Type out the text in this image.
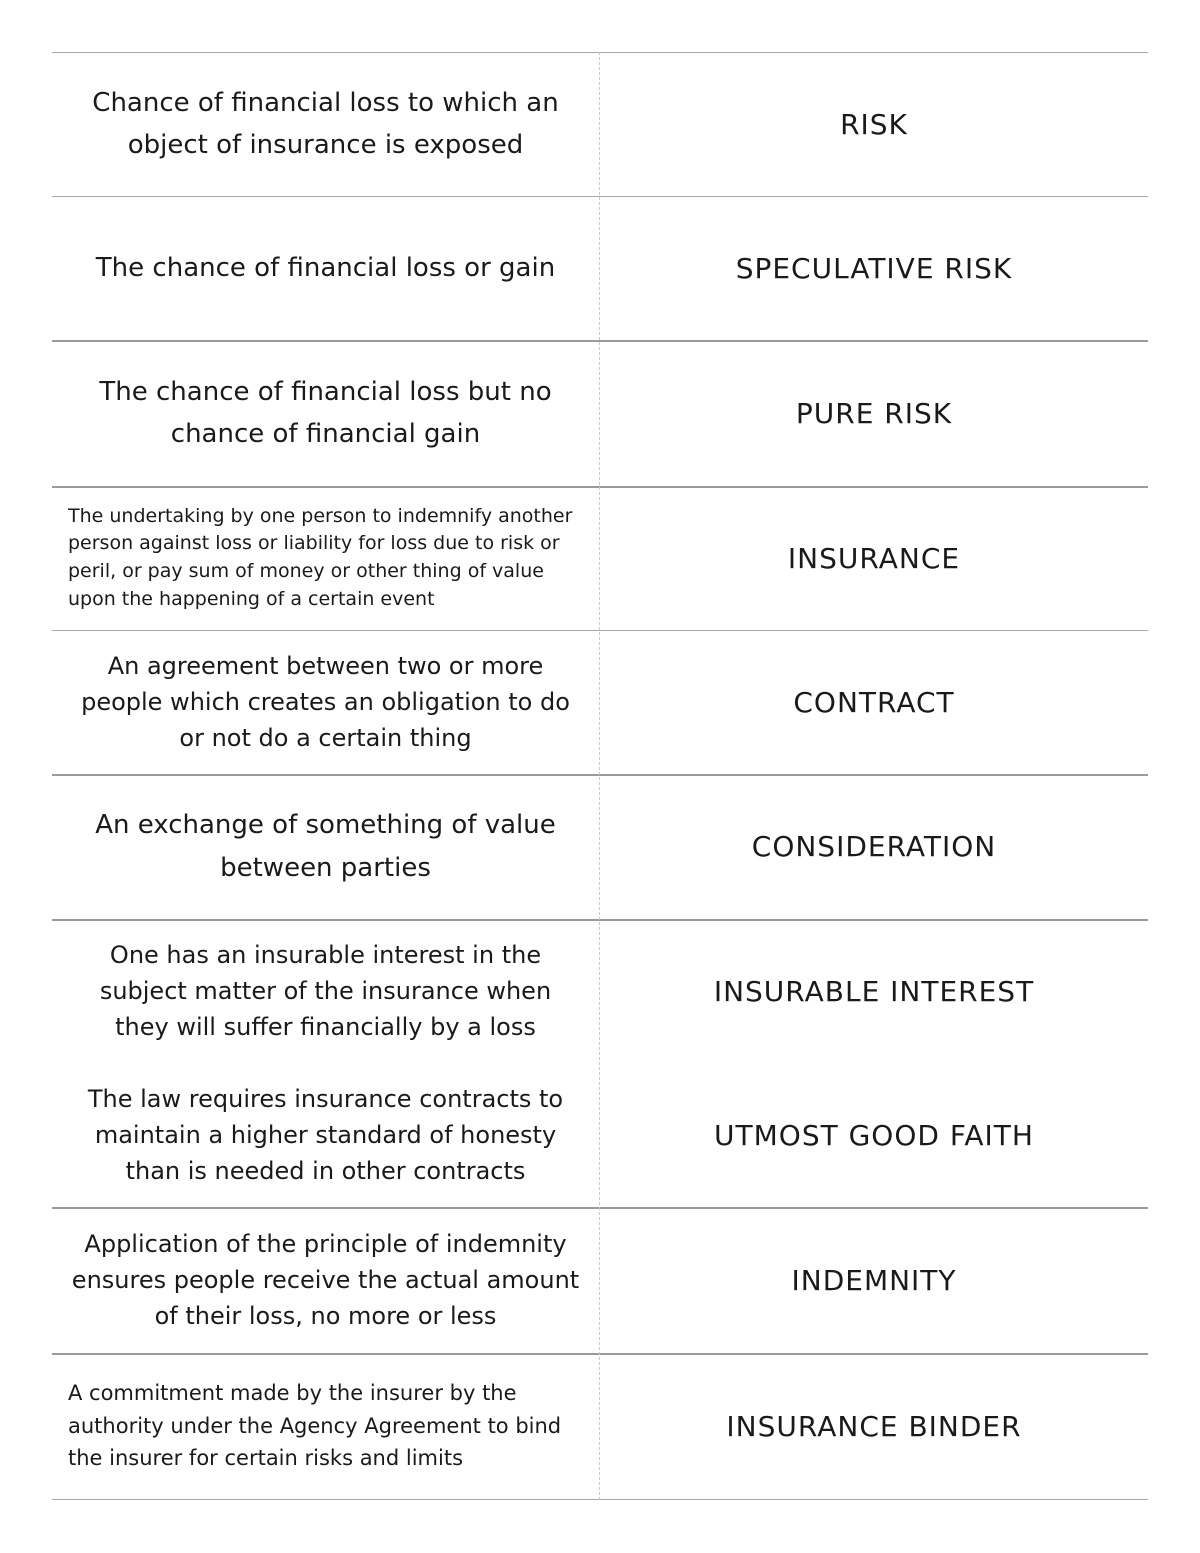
Chance of financial loss to which an object of insurance is exposed
RISK
The chance of financial loss or gain	SPECULATIVE RISK
The chance of financial loss but no chance of financial gain
PURE RISK
The undertaking by one person to indemnify another person against loss or liability for loss due to risk or peril, or pay sum of money or other thing of value upon the happening of a certain event
INSURANCE
An agreement between two or more people which creates an obligation to do or not do a certain thing
CONTRACT
An exchange of something of value between parties
CONSIDERATION
One has an insurable interest in the subject matter of the insurance when they will suffer financially by a loss
INSURABLE INTEREST
The law requires insurance contracts to maintain a higher standard of honesty than is needed in other contracts
UTMOST GOOD FAITH
Application of the principle of indemnity ensures people receive the actual amount of their loss, no more or less
INDEMNITY
A commitment made by the insurer by the authority under the Agency Agreement to bind the insurer for certain risks and limits
INSURANCE BINDER
